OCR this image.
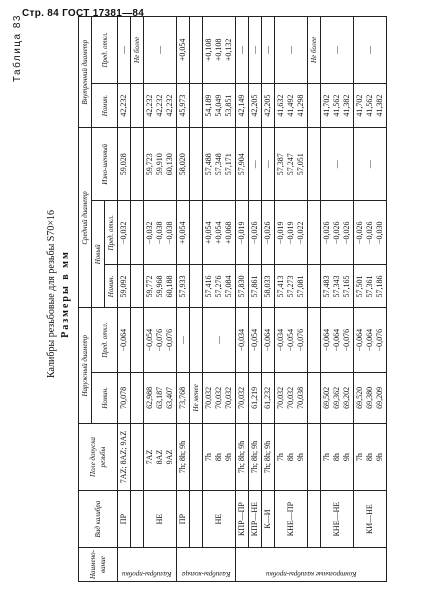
Стр. 84 ГОСТ 17381—84
Таблица 83
Калибры резьбовые для резьбы S70×16 Размеры в мм
Наимено-вание	Вид калибра	Поле допуска резьбы	Наружный диаметр		Средний диаметр			Внутренний диаметр	
			Номин.	Пред. откл.	Новый		Изно-шенный	Номин.	Пред. откл.
					Номин.	Пред. откл.			

Калибры-пробки	ПР	7AZ; 8AZ; 9AZ	70,078	−0,064	59,092	−0,032	59,028	42,232	—

									Не более
	НЕ	7AZ 8AZ 9AZ	62,988 63,187 63,407	−0,054 −0,076 −0,076	59,772 59,968 60,188	−0,032 −0,038 −0,038	59,723 59,910 60,130	42,232 42,232 42,232	—

Калибры-кольца	ПР	7h; 8h; 9h	73,768	—	57,933	+0,054	58,020	45,973	+0,054

			Не менее						
	НЕ	7h 8h 9h	70,032 70,032 70,032	—	57,416 57,276 57,084	+0,054 +0,054 +0,068	57,488 57,348 57,171	54,189 54,049 53,851	+0,108 +0,108 +0,132

Контрольные калибры-пробки	КПР—ПР	7h; 8h; 9h	70,032	−0,034	57,830	−0,019	57,904	42,149	—

	КПР—НЕ	7h; 8h; 9h	61,219	−0,054	57,861	−0,026	—	42,205	—

	К—И	7h; 8h; 9h	61,232	−0,064	58,033	−0,026	—	42,205	—

	КНЕ—ПР	7h 8h 9h	70,032 70,032 70,038	−0,034 −0,054 −0,076	57,413 57,273 57,081	−0,019 −0,019 −0,022	57,387 57,247 57,051	41,632 41,492 41,298	—

									Не более
	КНЕ—НЕ	7h 8h 9h	69,502 69,362 69,202	−0,064 −0,064 −0,076	57,483 57,343 57,165	−0,026 −0,026 −0,026	—	41,702 41,562 41,382	—

	КИ—НЕ	7h 8h 9h	69,520 69,380 69,209	−0,064 −0,064 −0,076	57,501 57,361 57,186	−0,026 −0,026 −0,030	—	41,702 41,562 41,382	—
